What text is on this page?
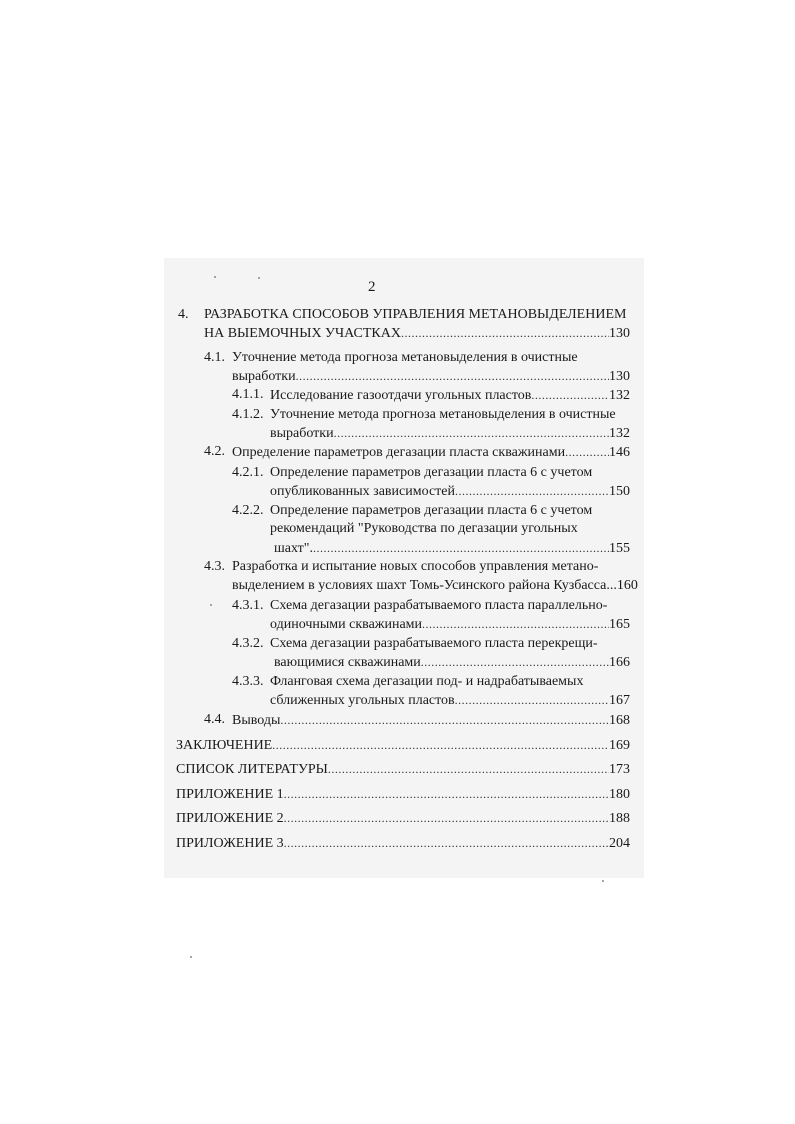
2
4. РАЗРАБОТКА СПОСОБОВ УПРАВЛЕНИЯ МЕТАНОВЫДЕЛЕНИЕМ
НА ВЫЕМОЧНЫХ УЧАСТКАХ .....	130
4.1. Уточнение метода прогноза метановыделения в очистные
выработки .....	130
4.1.1. Исследование газоотдачи угольных пластов .....	132
4.1.2. Уточнение метода прогноза метановыделения в очистные
выработки .....	132
4.2. Определение параметров дегазации пласта скважинами .....	146
4.2.1. Определение параметров дегазации пласта 6 с учетом
опубликованных зависимостей .....	150
4.2.2. Определение параметров дегазации пласта 6 с учетом
рекомендаций "Руководства по дегазации угольных
шахт". .....	155
4.3. Разработка и испытание новых способов управления метано-
выделением в условиях шахт Томь-Усинского района Кузбасса... 160
4.3.1. Схема дегазации разрабатываемого пласта параллельно-
одиночными скважинами .....	165
4.3.2. Схема дегазации разрабатываемого пласта перекрещи-
вающимися скважинами .....	166
4.3.3. Фланговая схема дегазации под- и надрабатываемых
сближенных угольных пластов .....	167
4.4. Выводы .....	168
ЗАКЛЮЧЕНИЕ .....	169
СПИСОК ЛИТЕРАТУРЫ .....	173
ПРИЛОЖЕНИЕ 1 .....	180
ПРИЛОЖЕНИЕ 2 .....	188
ПРИЛОЖЕНИЕ 3 .....	204
